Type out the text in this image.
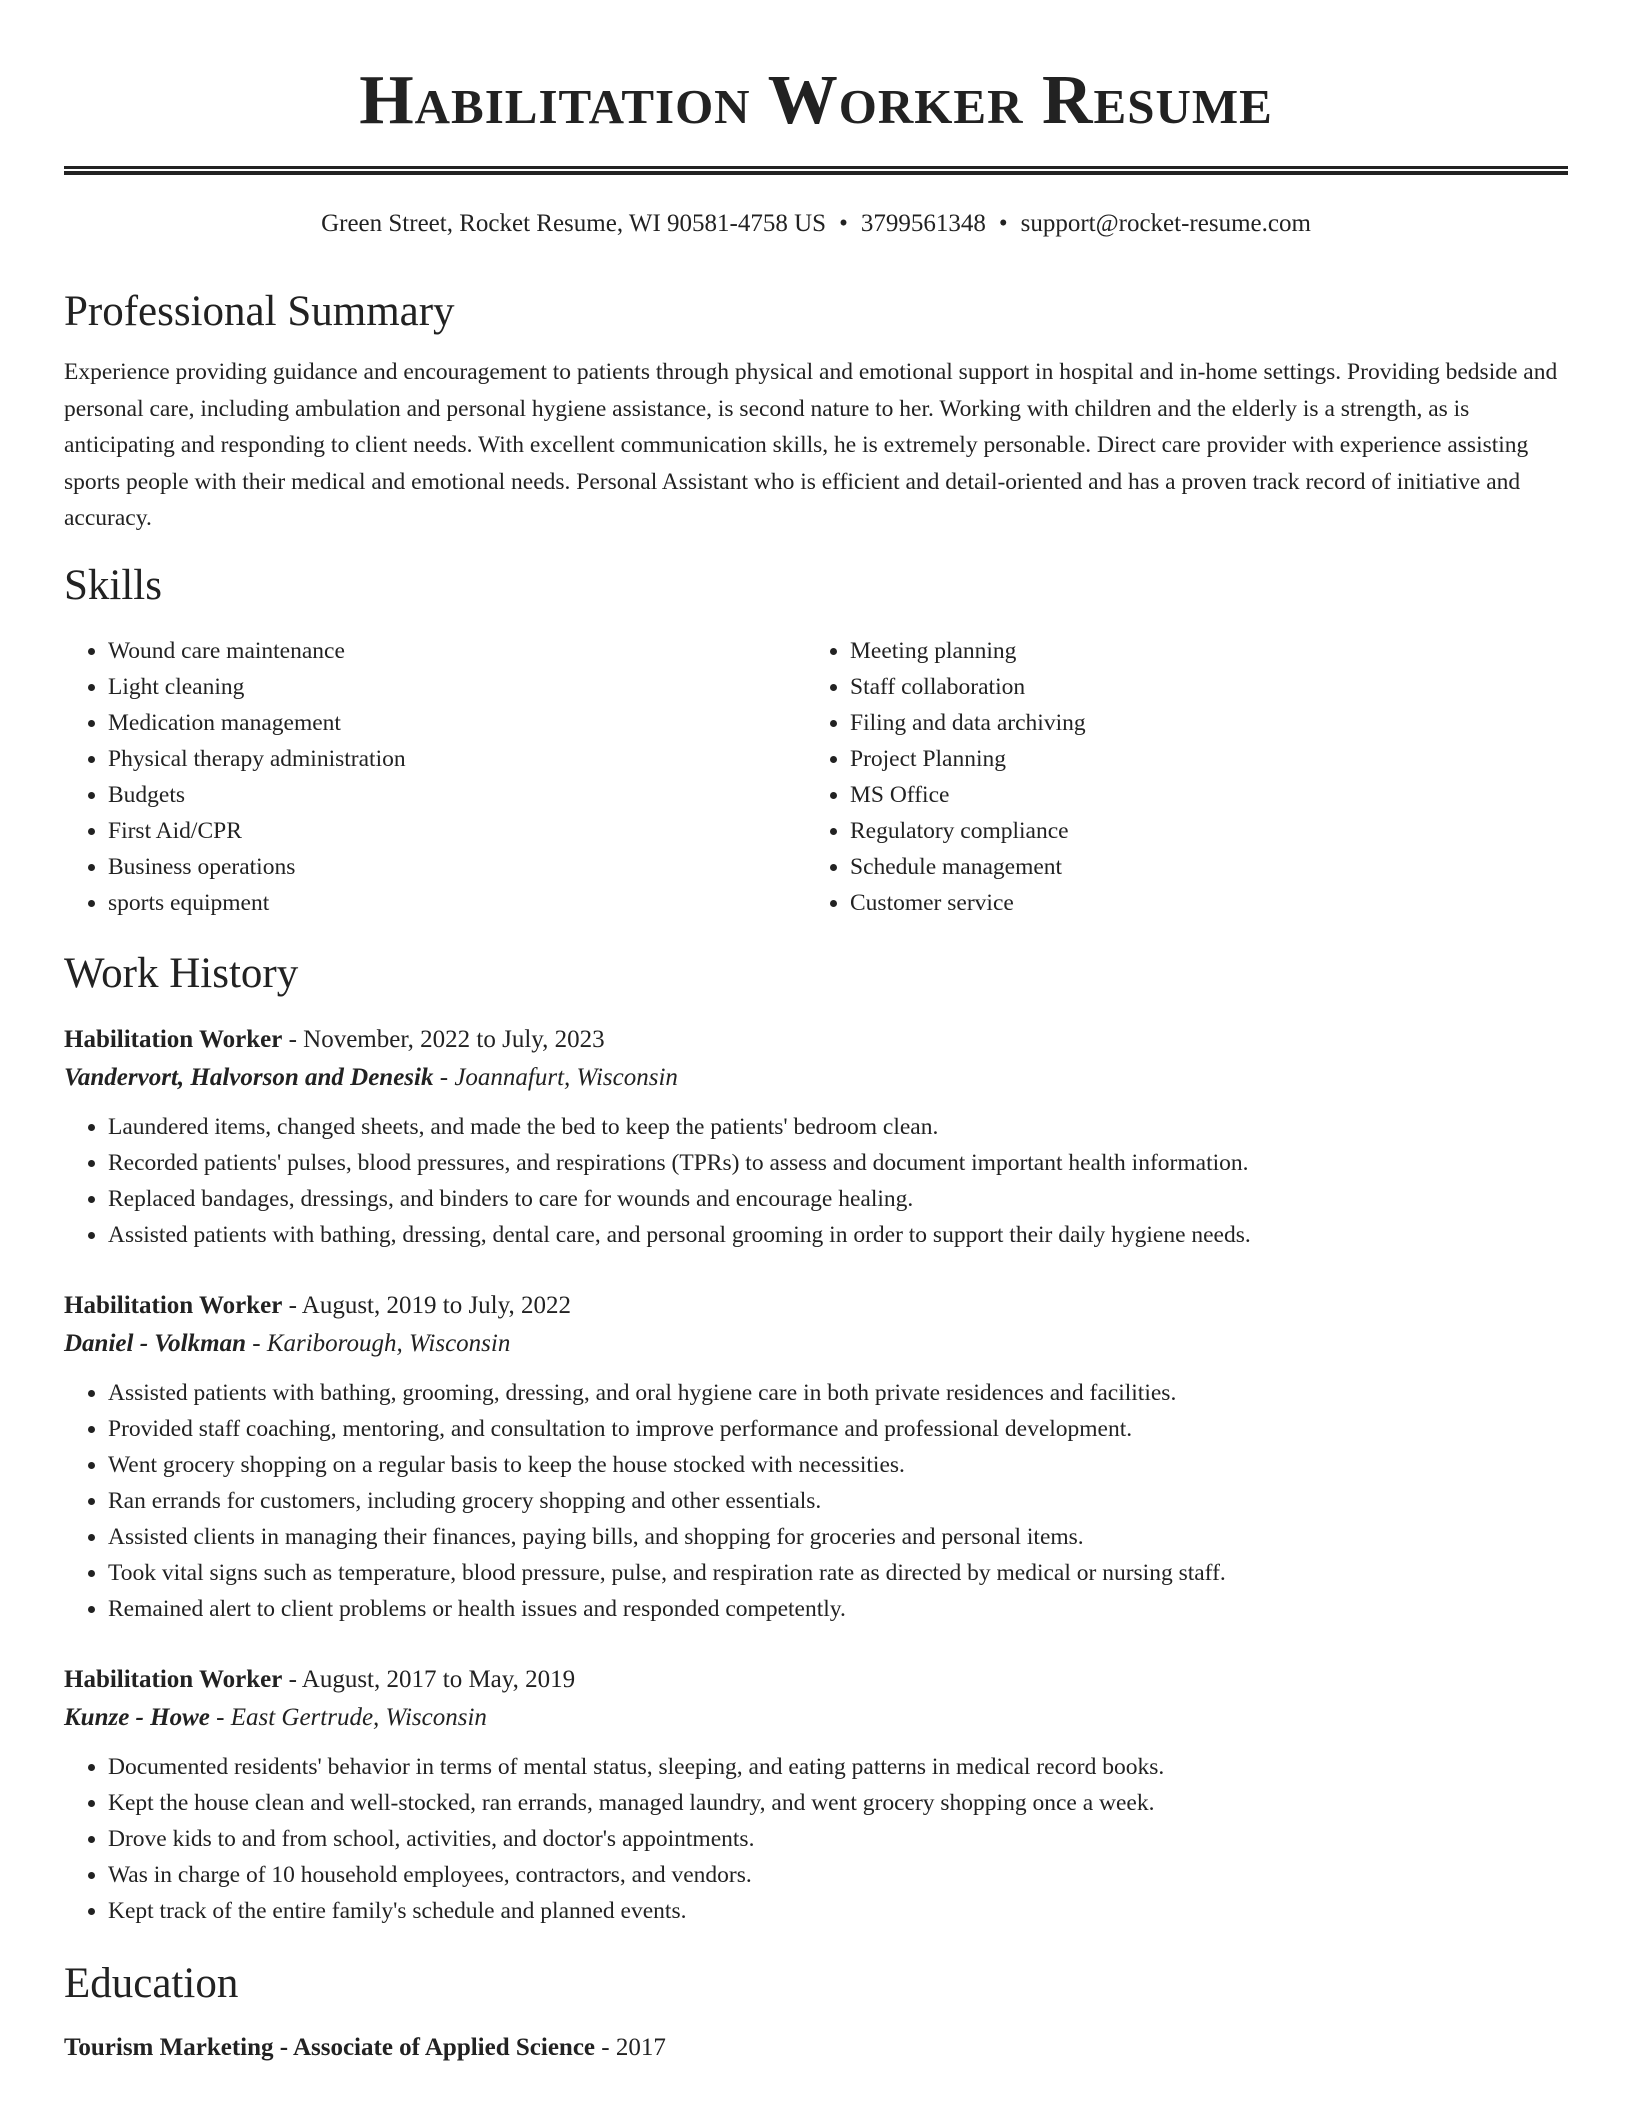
Habilitation Worker Resume
Green Street, Rocket Resume, WI 90581-4758 US • 3799561348 • support@rocket-resume.com
Professional Summary
Experience providing guidance and encouragement to patients through physical and emotional support in hospital and in-home settings. Providing bedside and personal care, including ambulation and personal hygiene assistance, is second nature to her. Working with children and the elderly is a strength, as is anticipating and responding to client needs. With excellent communication skills, he is extremely personable. Direct care provider with experience assisting sports people with their medical and emotional needs. Personal Assistant who is efficient and detail-oriented and has a proven track record of initiative and accuracy.
Skills
• Wound care maintenance
• Light cleaning
• Medication management
• Physical therapy administration
• Budgets
• First Aid/CPR
• Business operations
• sports equipment
• Meeting planning
• Staff collaboration
• Filing and data archiving
• Project Planning
• MS Office
• Regulatory compliance
• Schedule management
• Customer service
Work History
Habilitation Worker - November, 2022 to July, 2023
Vandervort, Halvorson and Denesik - Joannafurt, Wisconsin
• Laundered items, changed sheets, and made the bed to keep the patients' bedroom clean.
• Recorded patients' pulses, blood pressures, and respirations (TPRs) to assess and document important health information.
• Replaced bandages, dressings, and binders to care for wounds and encourage healing.
• Assisted patients with bathing, dressing, dental care, and personal grooming in order to support their daily hygiene needs.
Habilitation Worker - August, 2019 to July, 2022
Daniel - Volkman - Kariborough, Wisconsin
• Assisted patients with bathing, grooming, dressing, and oral hygiene care in both private residences and facilities.
• Provided staff coaching, mentoring, and consultation to improve performance and professional development.
• Went grocery shopping on a regular basis to keep the house stocked with necessities.
• Ran errands for customers, including grocery shopping and other essentials.
• Assisted clients in managing their finances, paying bills, and shopping for groceries and personal items.
• Took vital signs such as temperature, blood pressure, pulse, and respiration rate as directed by medical or nursing staff.
• Remained alert to client problems or health issues and responded competently.
Habilitation Worker - August, 2017 to May, 2019
Kunze - Howe - East Gertrude, Wisconsin
• Documented residents' behavior in terms of mental status, sleeping, and eating patterns in medical record books.
• Kept the house clean and well-stocked, ran errands, managed laundry, and went grocery shopping once a week.
• Drove kids to and from school, activities, and doctor's appointments.
• Was in charge of 10 household employees, contractors, and vendors.
• Kept track of the entire family's schedule and planned events.
Education
Tourism Marketing - Associate of Applied Science - 2017
